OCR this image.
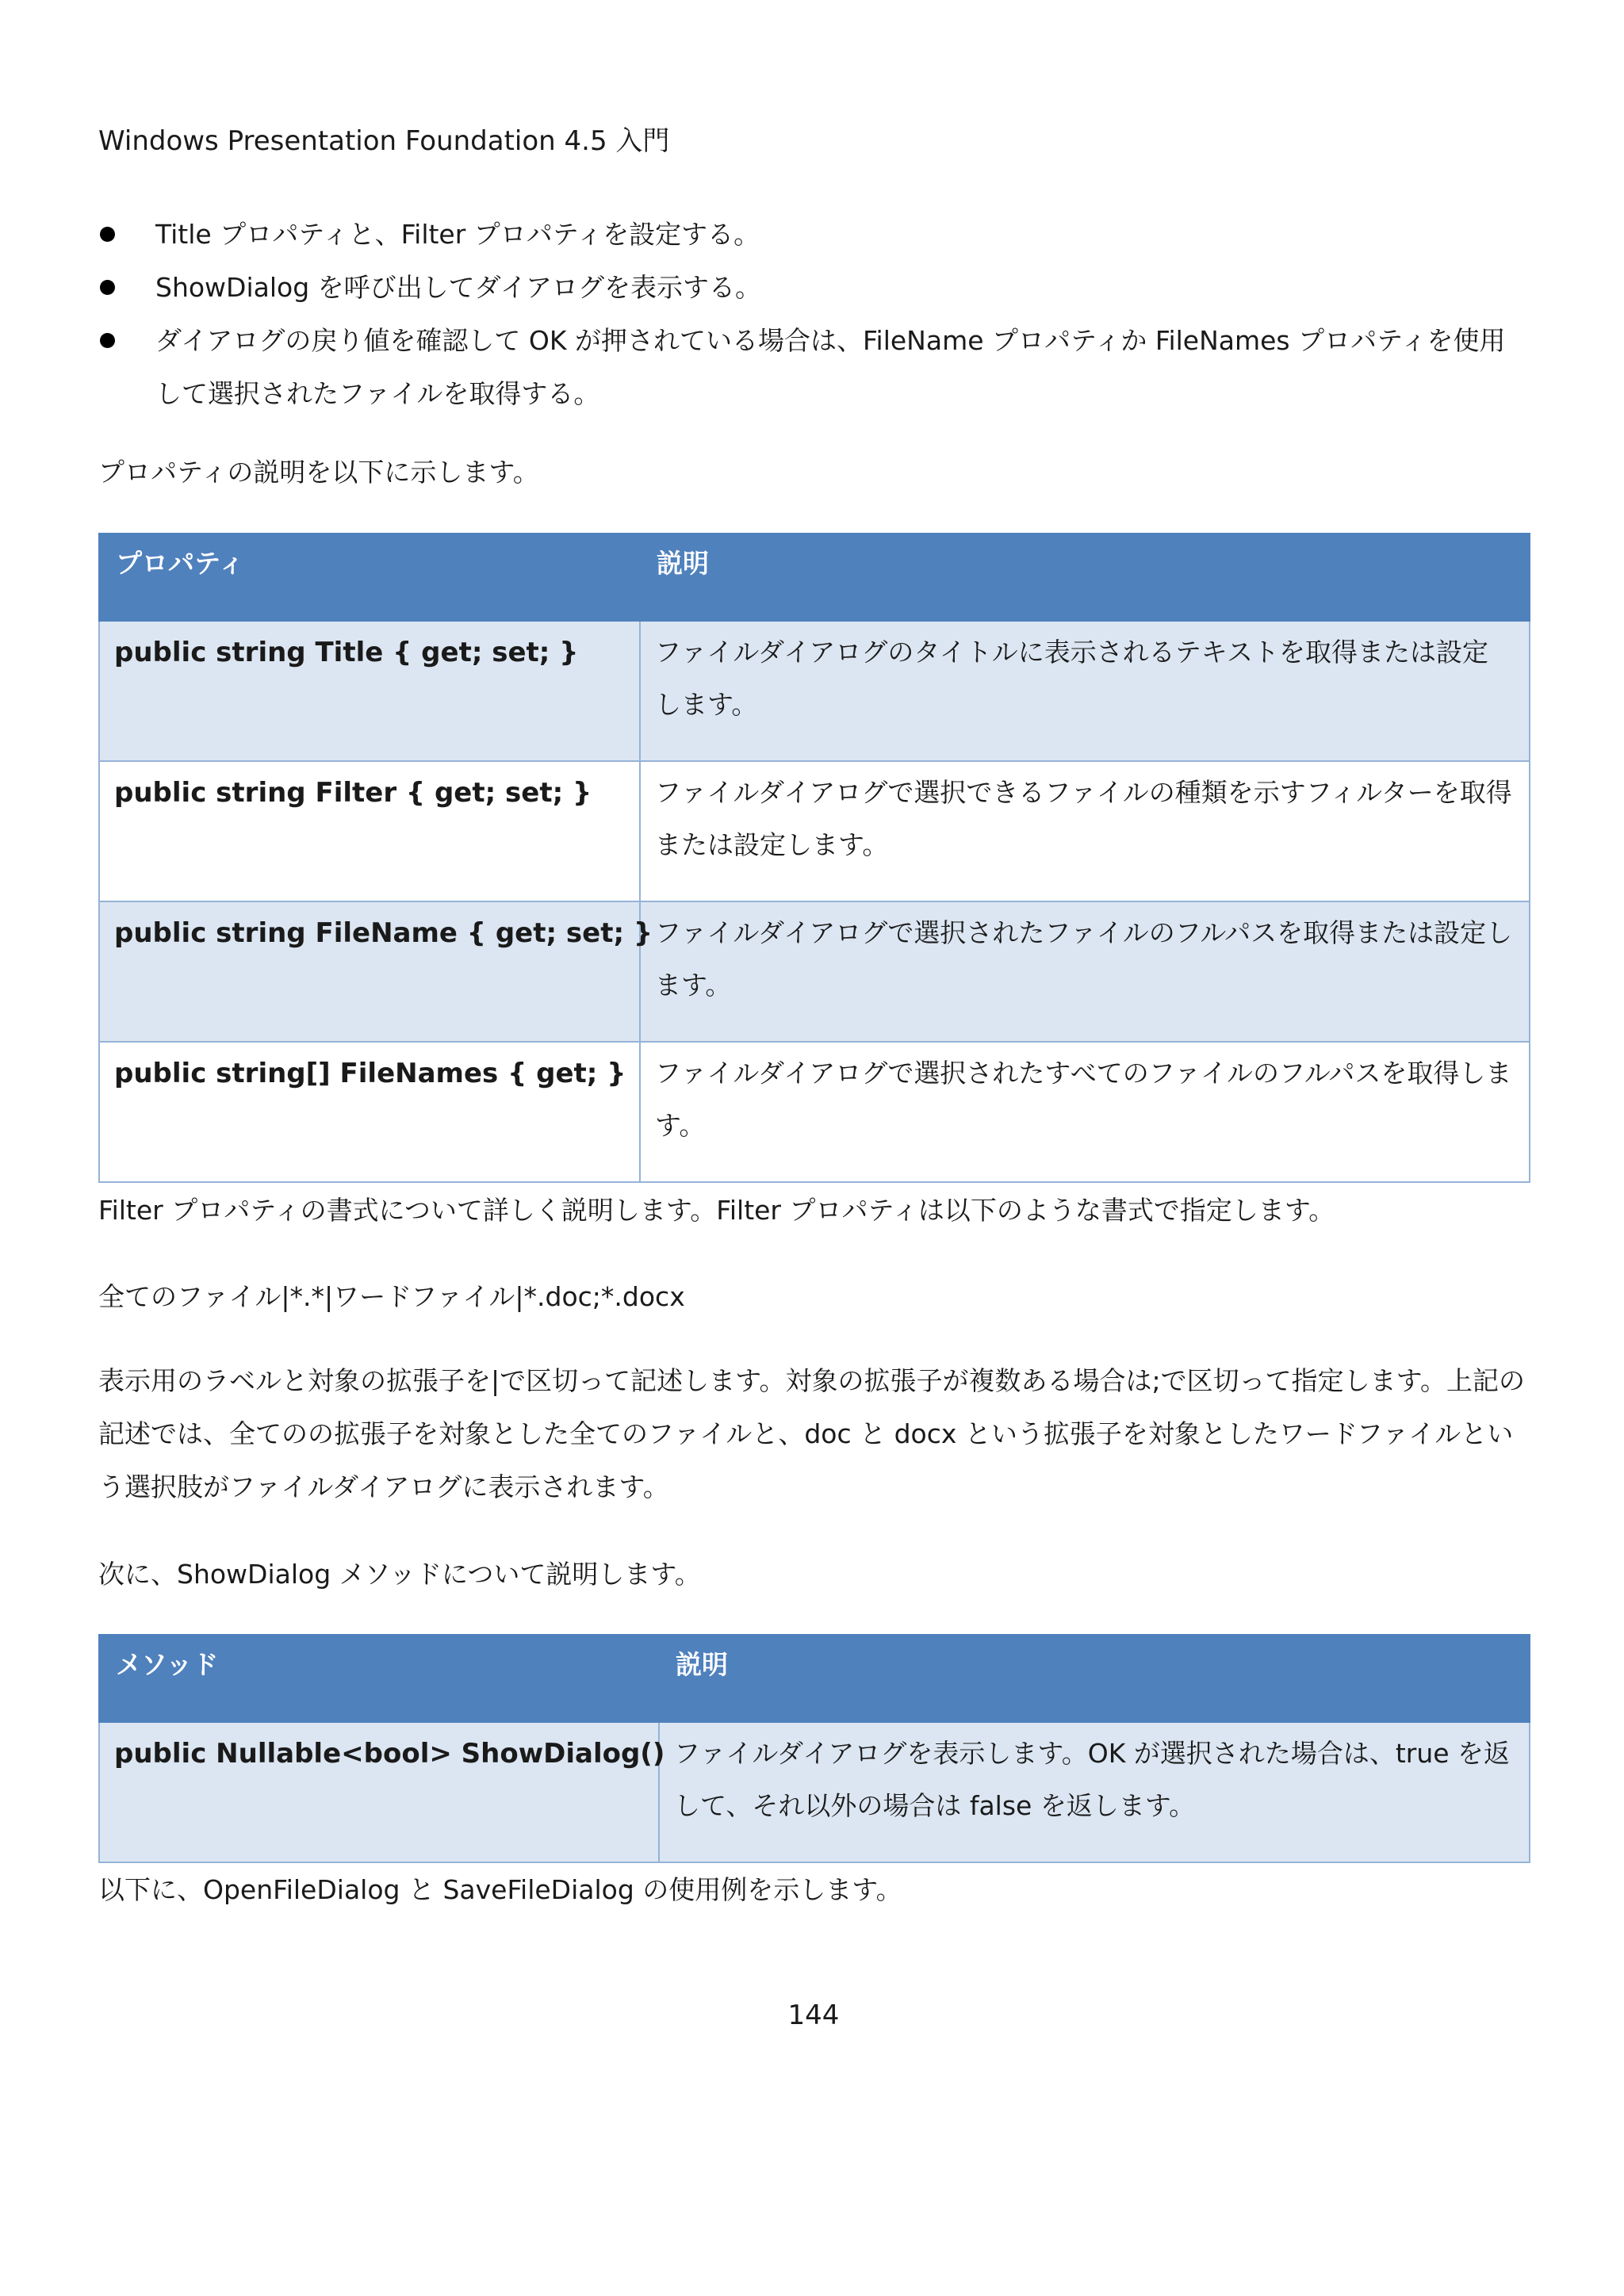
Windows Presentation Foundation 4.5 入門
Title プロパティと、Filter プロパティを設定する。
ShowDialog を呼び出してダイアログを表示する。
ダイアログの戻り値を確認して OK が押されている場合は、FileName プロパティか FileNames プロパティを使用して選択されたファイルを取得する。

プロパティの説明を以下に示します。

プロパティ	説明
public string Title { get; set; }	ファイルダイアログのタイトルに表示されるテキストを取得または設定します。
public string Filter { get; set; }	ファイルダイアログで選択できるファイルの種類を示すフィルターを取得または設定します。
public string FileName { get; set; }	ファイルダイアログで選択されたファイルのフルパスを取得または設定します。
public string[] FileNames { get; }	ファイルダイアログで選択されたすべてのファイルのフルパスを取得します。

Filter プロパティの書式について詳しく説明します。Filter プロパティは以下のような書式で指定します。

全てのファイル|*.*|ワードファイル|*.doc;*.docx

表示用のラベルと対象の拡張子を|で区切って記述します。対象の拡張子が複数ある場合は;で区切って指定します。上記の記述では、全てのの拡張子を対象とした全てのファイルと、doc と docx という拡張子を対象としたワードファイルという選択肢がファイルダイアログに表示されます。

次に、ShowDialog メソッドについて説明します。

メソッド	説明
public Nullable<bool> ShowDialog()	ファイルダイアログを表示します。OK が選択された場合は、true を返して、それ以外の場合は false を返します。

以下に、OpenFileDialog と SaveFileDialog の使用例を示します。

144
